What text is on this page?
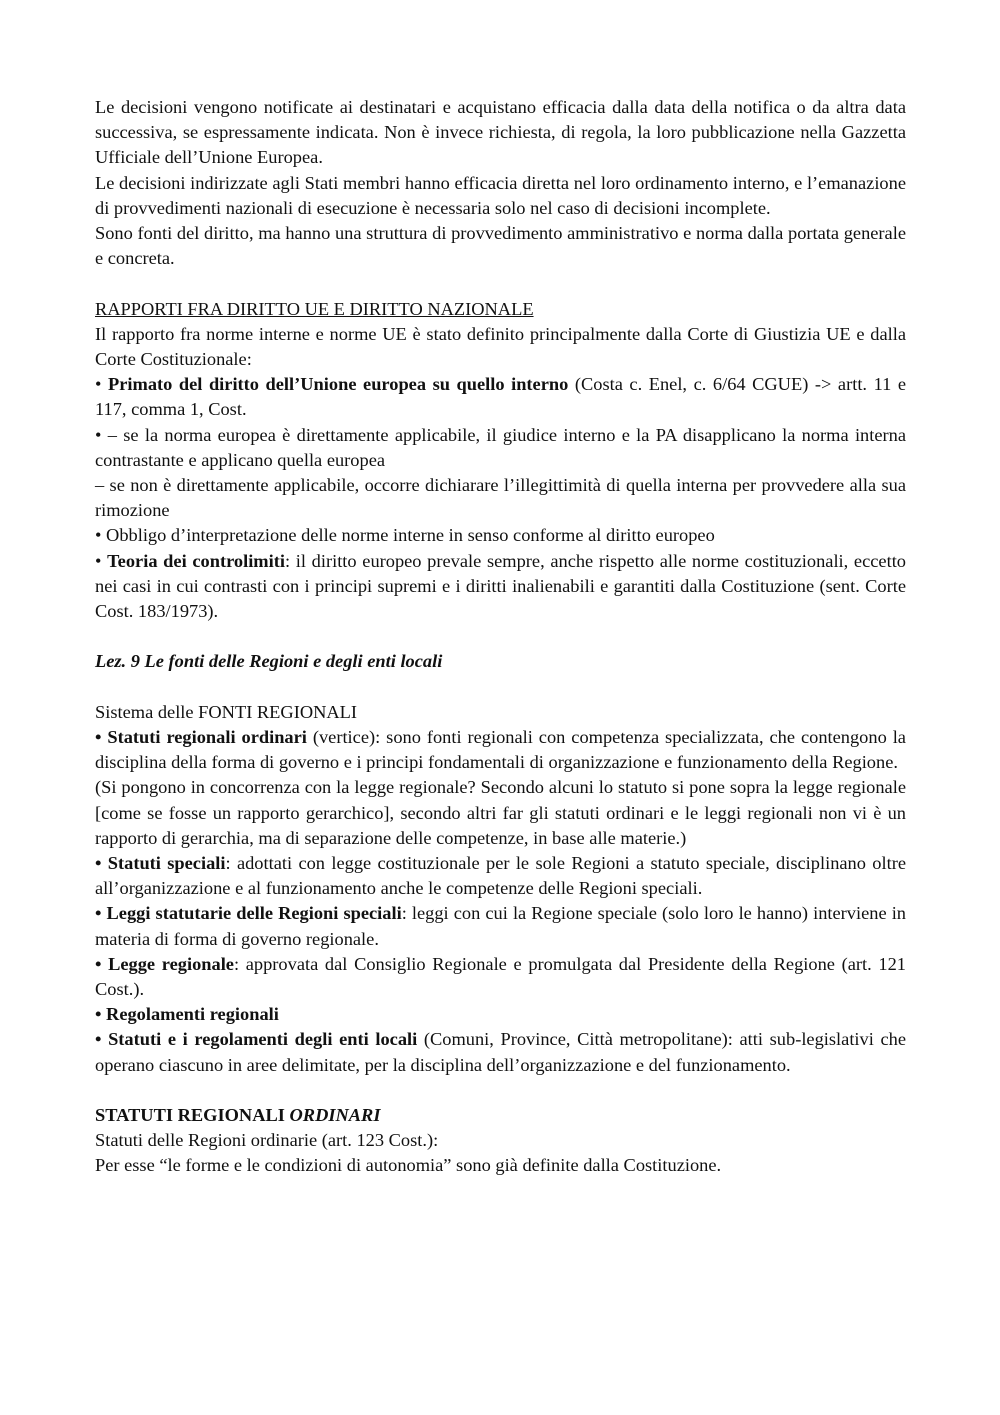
Le decisioni vengono notificate ai destinatari e acquistano efficacia dalla data della notifica o da altra data successiva, se espressamente indicata. Non è invece richiesta, di regola, la loro pubblicazione nella Gazzetta Ufficiale dell’Unione Europea.

Le decisioni indirizzate agli Stati membri hanno efficacia diretta nel loro ordinamento interno, e l’emanazione di provvedimenti nazionali di esecuzione è necessaria solo nel caso di decisioni incomplete.

Sono fonti del diritto, ma hanno una struttura di provvedimento amministrativo e norma dalla portata generale e concreta.

RAPPORTI FRA DIRITTO UE E DIRITTO NAZIONALE

Il rapporto fra norme interne e norme UE è stato definito principalmente dalla Corte di Giustizia UE e dalla Corte Costituzionale:

• Primato del diritto dell’Unione europea su quello interno (Costa c. Enel, c. 6/64 CGUE) -> artt. 11 e 117, comma 1, Cost.

• – se la norma europea è direttamente applicabile, il giudice interno e la PA disapplicano la norma interna contrastante e applicano quella europea

– se non è direttamente applicabile, occorre dichiarare l’illegittimità di quella interna per provvedere alla sua rimozione

• Obbligo d’interpretazione delle norme interne in senso conforme al diritto europeo

• Teoria dei controlimiti: il diritto europeo prevale sempre, anche rispetto alle norme costituzionali, eccetto nei casi in cui contrasti con i principi supremi e i diritti inalienabili e garantiti dalla Costituzione (sent. Corte Cost. 183/1973).

Lez. 9 Le fonti delle Regioni e degli enti locali

Sistema delle FONTI REGIONALI

• Statuti regionali ordinari (vertice): sono fonti regionali con competenza specializzata, che contengono la disciplina della forma di governo e i principi fondamentali di organizzazione e funzionamento della Regione.

(Si pongono in concorrenza con la legge regionale? Secondo alcuni lo statuto si pone sopra la legge regionale [come se fosse un rapporto gerarchico], secondo altri far gli statuti ordinari e le leggi regionali non vi è un rapporto di gerarchia, ma di separazione delle competenze, in base alle materie.)

• Statuti speciali: adottati con legge costituzionale per le sole Regioni a statuto speciale, disciplinano oltre all’organizzazione e al funzionamento anche le competenze delle Regioni speciali.

• Leggi statutarie delle Regioni speciali: leggi con cui la Regione speciale (solo loro le hanno) interviene in materia di forma di governo regionale.

• Legge regionale: approvata dal Consiglio Regionale e promulgata dal Presidente della Regione (art. 121 Cost.).

• Regolamenti regionali

• Statuti e i regolamenti degli enti locali (Comuni, Province, Città metropolitane): atti sub-legislativi che operano ciascuno in aree delimitate, per la disciplina dell’organizzazione e del funzionamento.

STATUTI REGIONALI ORDINARI

Statuti delle Regioni ordinarie (art. 123 Cost.):

Per esse “le forme e le condizioni di autonomia” sono già definite dalla Costituzione.
